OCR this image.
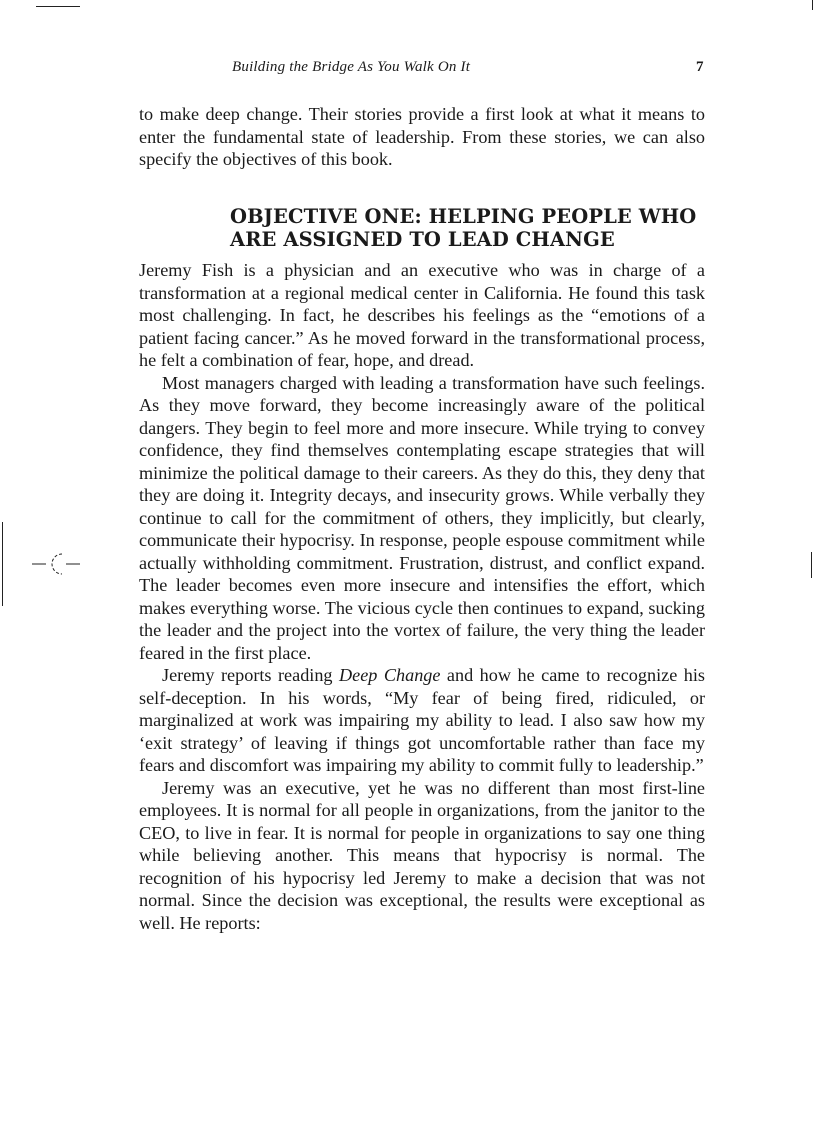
Building the Bridge As You Walk On It	7

to make deep change. Their stories provide a first look at what it means to enter the fundamental state of leadership. From these stories, we can also specify the objectives of this book.

OBJECTIVE ONE: HELPING PEOPLE WHO
ARE ASSIGNED TO LEAD CHANGE

Jeremy Fish is a physician and an executive who was in charge of a transformation at a regional medical center in California. He found this task most challenging. In fact, he describes his feelings as the “emotions of a patient facing cancer.” As he moved forward in the transformational process, he felt a combination of fear, hope, and dread.

Most managers charged with leading a transformation have such feelings. As they move forward, they become increasingly aware of the political dangers. They begin to feel more and more insecure. While trying to convey confidence, they find themselves contemplating escape strategies that will minimize the political damage to their careers. As they do this, they deny that they are doing it. Integrity decays, and insecurity grows. While verbally they continue to call for the commitment of others, they implicitly, but clearly, communicate their hypocrisy. In response, people espouse commitment while actually withholding commitment. Frustration, distrust, and conflict expand. The leader becomes even more insecure and intensifies the effort, which makes everything worse. The vicious cycle then continues to expand, sucking the leader and the project into the vortex of failure, the very thing the leader feared in the first place.

Jeremy reports reading Deep Change and how he came to recognize his self-deception. In his words, “My fear of being fired, ridiculed, or marginalized at work was impairing my ability to lead. I also saw how my ‘exit strategy’ of leaving if things got uncomfortable rather than face my fears and discomfort was impairing my ability to commit fully to leadership.”

Jeremy was an executive, yet he was no different than most first-line employees. It is normal for all people in organizations, from the janitor to the CEO, to live in fear. It is normal for people in organizations to say one thing while believing another. This means that hypocrisy is normal. The recognition of his hypocrisy led Jeremy to make a decision that was not normal. Since the decision was exceptional, the results were exceptional as well. He reports:
